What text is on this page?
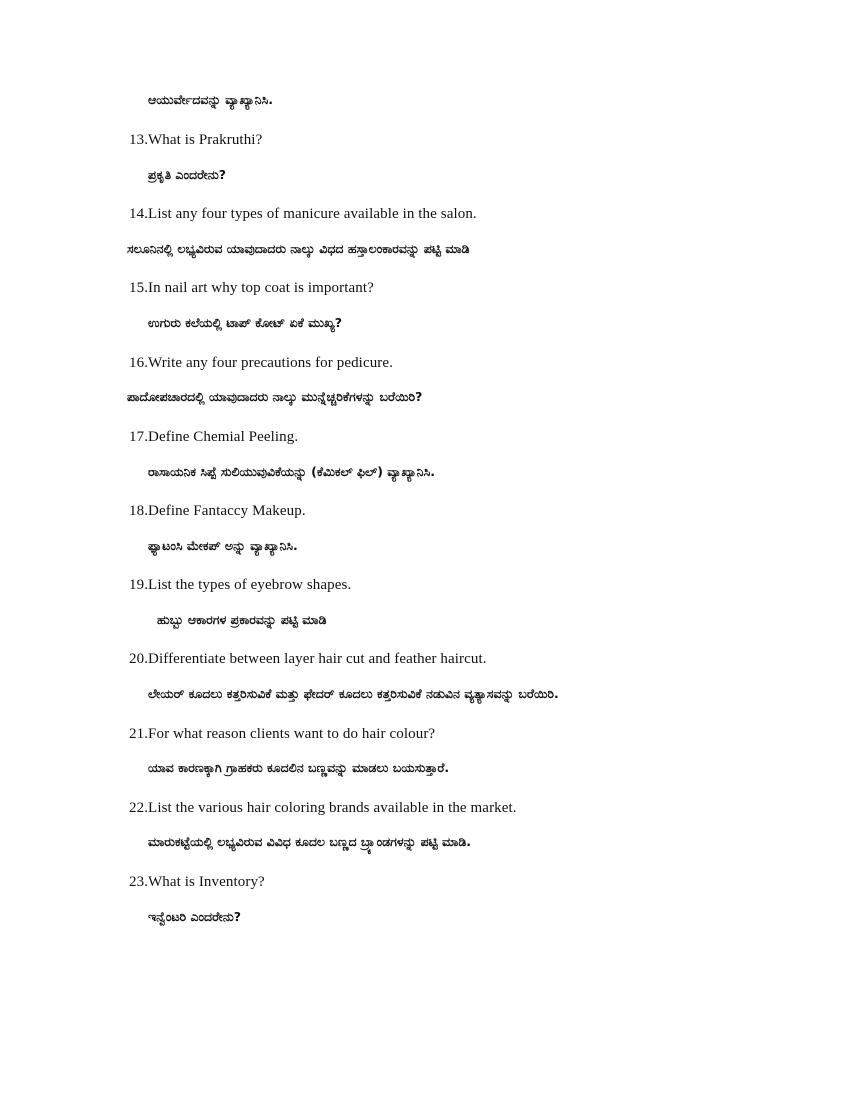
ಆಯುರ್ವೇದವನ್ನು ವ್ಯಾಖ್ಯಾನಿಸಿ.

13.What is Prakruthi?

ಪ್ರಕೃತಿ ಎಂದರೇನು?

14.List any four types of manicure available in the salon.

ಸಲೂನಿನಲ್ಲಿ ಲಭ್ಯವಿರುವ ಯಾವುದಾದರು ನಾಲ್ಕು ವಿಧದ ಹಸ್ತಾಲಂಕಾರವನ್ನು ಪಟ್ಟಿ ಮಾಡಿ

15.In nail art why top coat is important?

ಉಗುರು ಕಲೆಯಲ್ಲಿ ಟಾಪ್ ಕೋಟ್ ಏಕೆ ಮುಖ್ಯ?

16.Write any four precautions for pedicure.

ಪಾದೋಪಚಾರದಲ್ಲಿ ಯಾವುದಾದರು ನಾಲ್ಕು ಮುನ್ನೆಚ್ಚರಿಕೆಗಳನ್ನು ಬರೆಯಿರಿ?

17.Define Chemial Peeling.

ರಾಸಾಯನಿಕ ಸಿಪ್ಪೆ ಸುಲಿಯುವುವಿಕೆಯನ್ನು (ಕೆಮಿಕಲ್ ಫಿಲ್) ವ್ಯಾಖ್ಯಾನಿಸಿ.

18.Define Fantaccy Makeup.

ಫ್ಯಾಟಂಸಿ ಮೇಕಪ್ ಅನ್ನು ವ್ಯಾಖ್ಯಾನಿಸಿ.

19.List the types of eyebrow shapes.

ಹುಬ್ಬು ಆಕಾರಗಳ ಪ್ರಕಾರವನ್ನು ಪಟ್ಟಿ ಮಾಡಿ

20.Differentiate between layer hair cut and feather haircut.

ಲೇಯರ್ ಕೂದಲು ಕತ್ತರಿಸುವಿಕೆ ಮತ್ತು ಫೇದರ್ ಕೂದಲು ಕತ್ತರಿಸುವಿಕೆ ನಡುವಿನ ವ್ಯತ್ಯಾಸವನ್ನು ಬರೆಯಿರಿ.

21.For what reason clients want to do hair colour?

ಯಾವ ಕಾರಣಕ್ಕಾಗಿ ಗ್ರಾಹಕರು ಕೂದಲಿನ ಬಣ್ಣವನ್ನು ಮಾಡಲು ಬಯಸುತ್ತಾರೆ.

22.List the various hair coloring brands available in the market.

ಮಾರುಕಟ್ಟೆಯಲ್ಲಿ ಲಭ್ಯವಿರುವ ವಿವಿಧ ಕೂದಲ ಬಣ್ಣದ ಬ್ರ್ಯಾಂಡಗಳನ್ನು ಪಟ್ಟಿ ಮಾಡಿ.

23.What is Inventory?

ಇನ್ವೆಂಟರಿ ಎಂದರೇನು?
